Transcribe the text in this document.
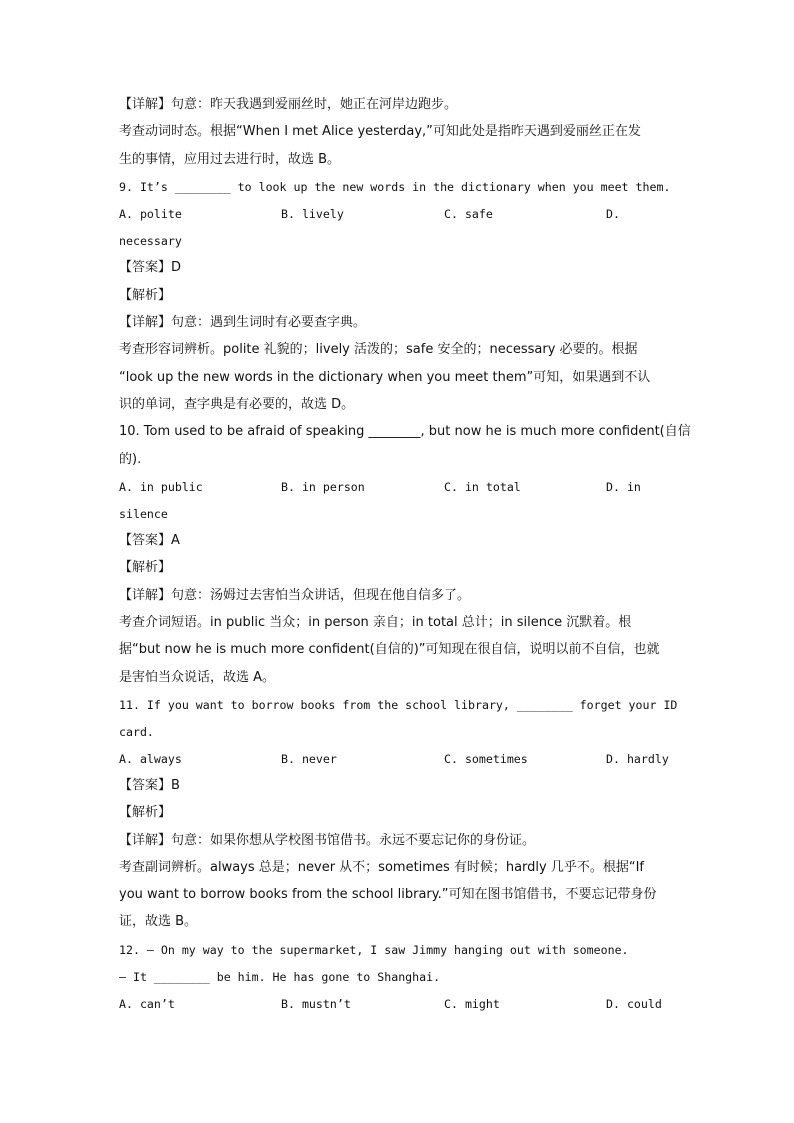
【详解】句意：昨天我遇到爱丽丝时，她正在河岸边跑步。
考查动词时态。根据“When I met Alice yesterday,”可知此处是指昨天遇到爱丽丝正在发
生的事情，应用过去进行时，故选 B。
9. It’s ________ to look up the new words in the dictionary when you meet them.
A. polite	B. lively	C. safe	D.
necessary
【答案】D
【解析】
【详解】句意：遇到生词时有必要查字典。
考查形容词辨析。polite 礼貌的；lively 活泼的；safe 安全的；necessary 必要的。根据
“look up the new words in the dictionary when you meet them”可知，如果遇到不认
识的单词，查字典是有必要的，故选 D。
10. Tom used to be afraid of speaking ________, but now he is much more confident(自信
的).
A. in public	B. in person	C. in total	D. in
silence
【答案】A
【解析】
【详解】句意：汤姆过去害怕当众讲话，但现在他自信多了。
考查介词短语。in public 当众；in person 亲自；in total 总计；in silence 沉默着。根
据“but now he is much more confident(自信的)”可知现在很自信，说明以前不自信，也就
是害怕当众说话，故选 A。
11. If you want to borrow books from the school library, ________ forget your ID
card.
A. always	B. never	C. sometimes	D. hardly
【答案】B
【解析】
【详解】句意：如果你想从学校图书馆借书。永远不要忘记你的身份证。
考查副词辨析。always 总是；never 从不；sometimes 有时候；hardly 几乎不。根据“If
you want to borrow books from the school library.”可知在图书馆借书，不要忘记带身份
证，故选 B。
12. — On my way to the supermarket, I saw Jimmy hanging out with someone.
— It ________ be him. He has gone to Shanghai.
A. can’t	B. mustn’t	C. might	D. could
